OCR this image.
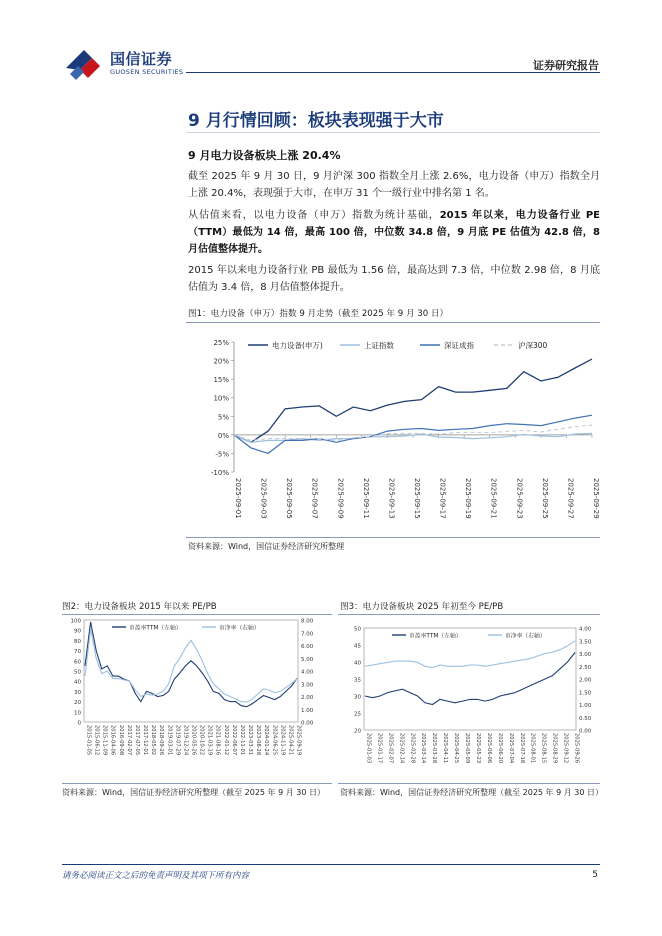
国信证券
GUOSEN SECURITIES	证券研究报告
9 月行情回顾：板块表现强于大市
9 月电力设备板块上涨 20.4%

截至 2025 年 9 月 30 日，9 月沪深 300 指数全月上涨 2.6%，电力设备（申万）指数全月上涨 20.4%，表现强于大市，在申万 31 个一级行业中排名第 1 名。

从估值来看，以电力设备（申万）指数为统计基础，2015 年以来，电力设备行业 PE（TTM）最低为 14 倍，最高 100 倍，中位数 34.8 倍，9 月底 PE 估值为 42.8 倍，8 月估值整体提升。

2015 年以来电力设备行业 PB 最低为 1.56 倍，最高达到 7.3 倍，中位数 2.98 倍，8 月底估值为 3.4 倍，8 月估值整体提升。

图1：电力设备（申万）指数 9 月走势（截至 2025 年 9 月 30 日）
25%
20%
15%
10%
5%
0%
-5%
-10%
2025-09-01	2025-09-03	2025-09-05	2025-09-07	2025-09-09	2025-09-11	2025-09-13	2025-09-15	2025-09-17	2025-09-19	2025-09-21	2025-09-23	2025-09-25	2025-09-27	2025-09-29
电力设备(申万)	上证指数	深证成指	沪深300
资料来源：Wind，国信证券经济研究所整理
图2：电力设备板块 2015 年以来 PE/PB
100
90
80
70
60
50
40
30
20
10
0
8.00
7.00
6.00
5.00
4.00
3.00
2.00
1.00
0.00
2015-01-05 2015-06-12 2015-11-09 2016-04-06 2016-09-08 2017-02-07 2017-07-05 2017-12-01 2018-05-02 2018-09-26 2019-03-01 2019-07-29 2019-12-24 2020-05-26 2020-10-22 2021-03-19 2021-08-16 2022-01-12 2022-06-07 2022-11-01 2023-03-31 2023-08-28 2024-01-24 2024-06-25 2024-11-19 2025-04-21 2025-09-19
市盈率TTM（左轴）	市净率（右轴）
资料来源：Wind，国信证券经济研究所整理（截至 2025 年 9 月 30 日）
图3：电力设备板块 2025 年初至今 PE/PB
50
45
40
35
30
25
20
4.00
3.50
3.00
2.50
2.00
1.50
1.00
0.50
0.00
2025-01-03 2025-01-17 2025-02-07 2025-02-14 2025-02-28 2025-03-14 2025-03-28 2025-04-11 2025-04-25 2025-05-09 2025-05-23 2025-06-06 2025-06-20 2025-07-04 2025-07-18 2025-08-01 2025-08-15 2025-08-29 2025-09-12 2025-09-26
市盈率TTM（左轴）	市净率（右轴）
资料来源：Wind，国信证券经济研究所整理（截至 2025 年 9 月 30 日）
请务必阅读正文之后的免责声明及其项下所有内容	5
